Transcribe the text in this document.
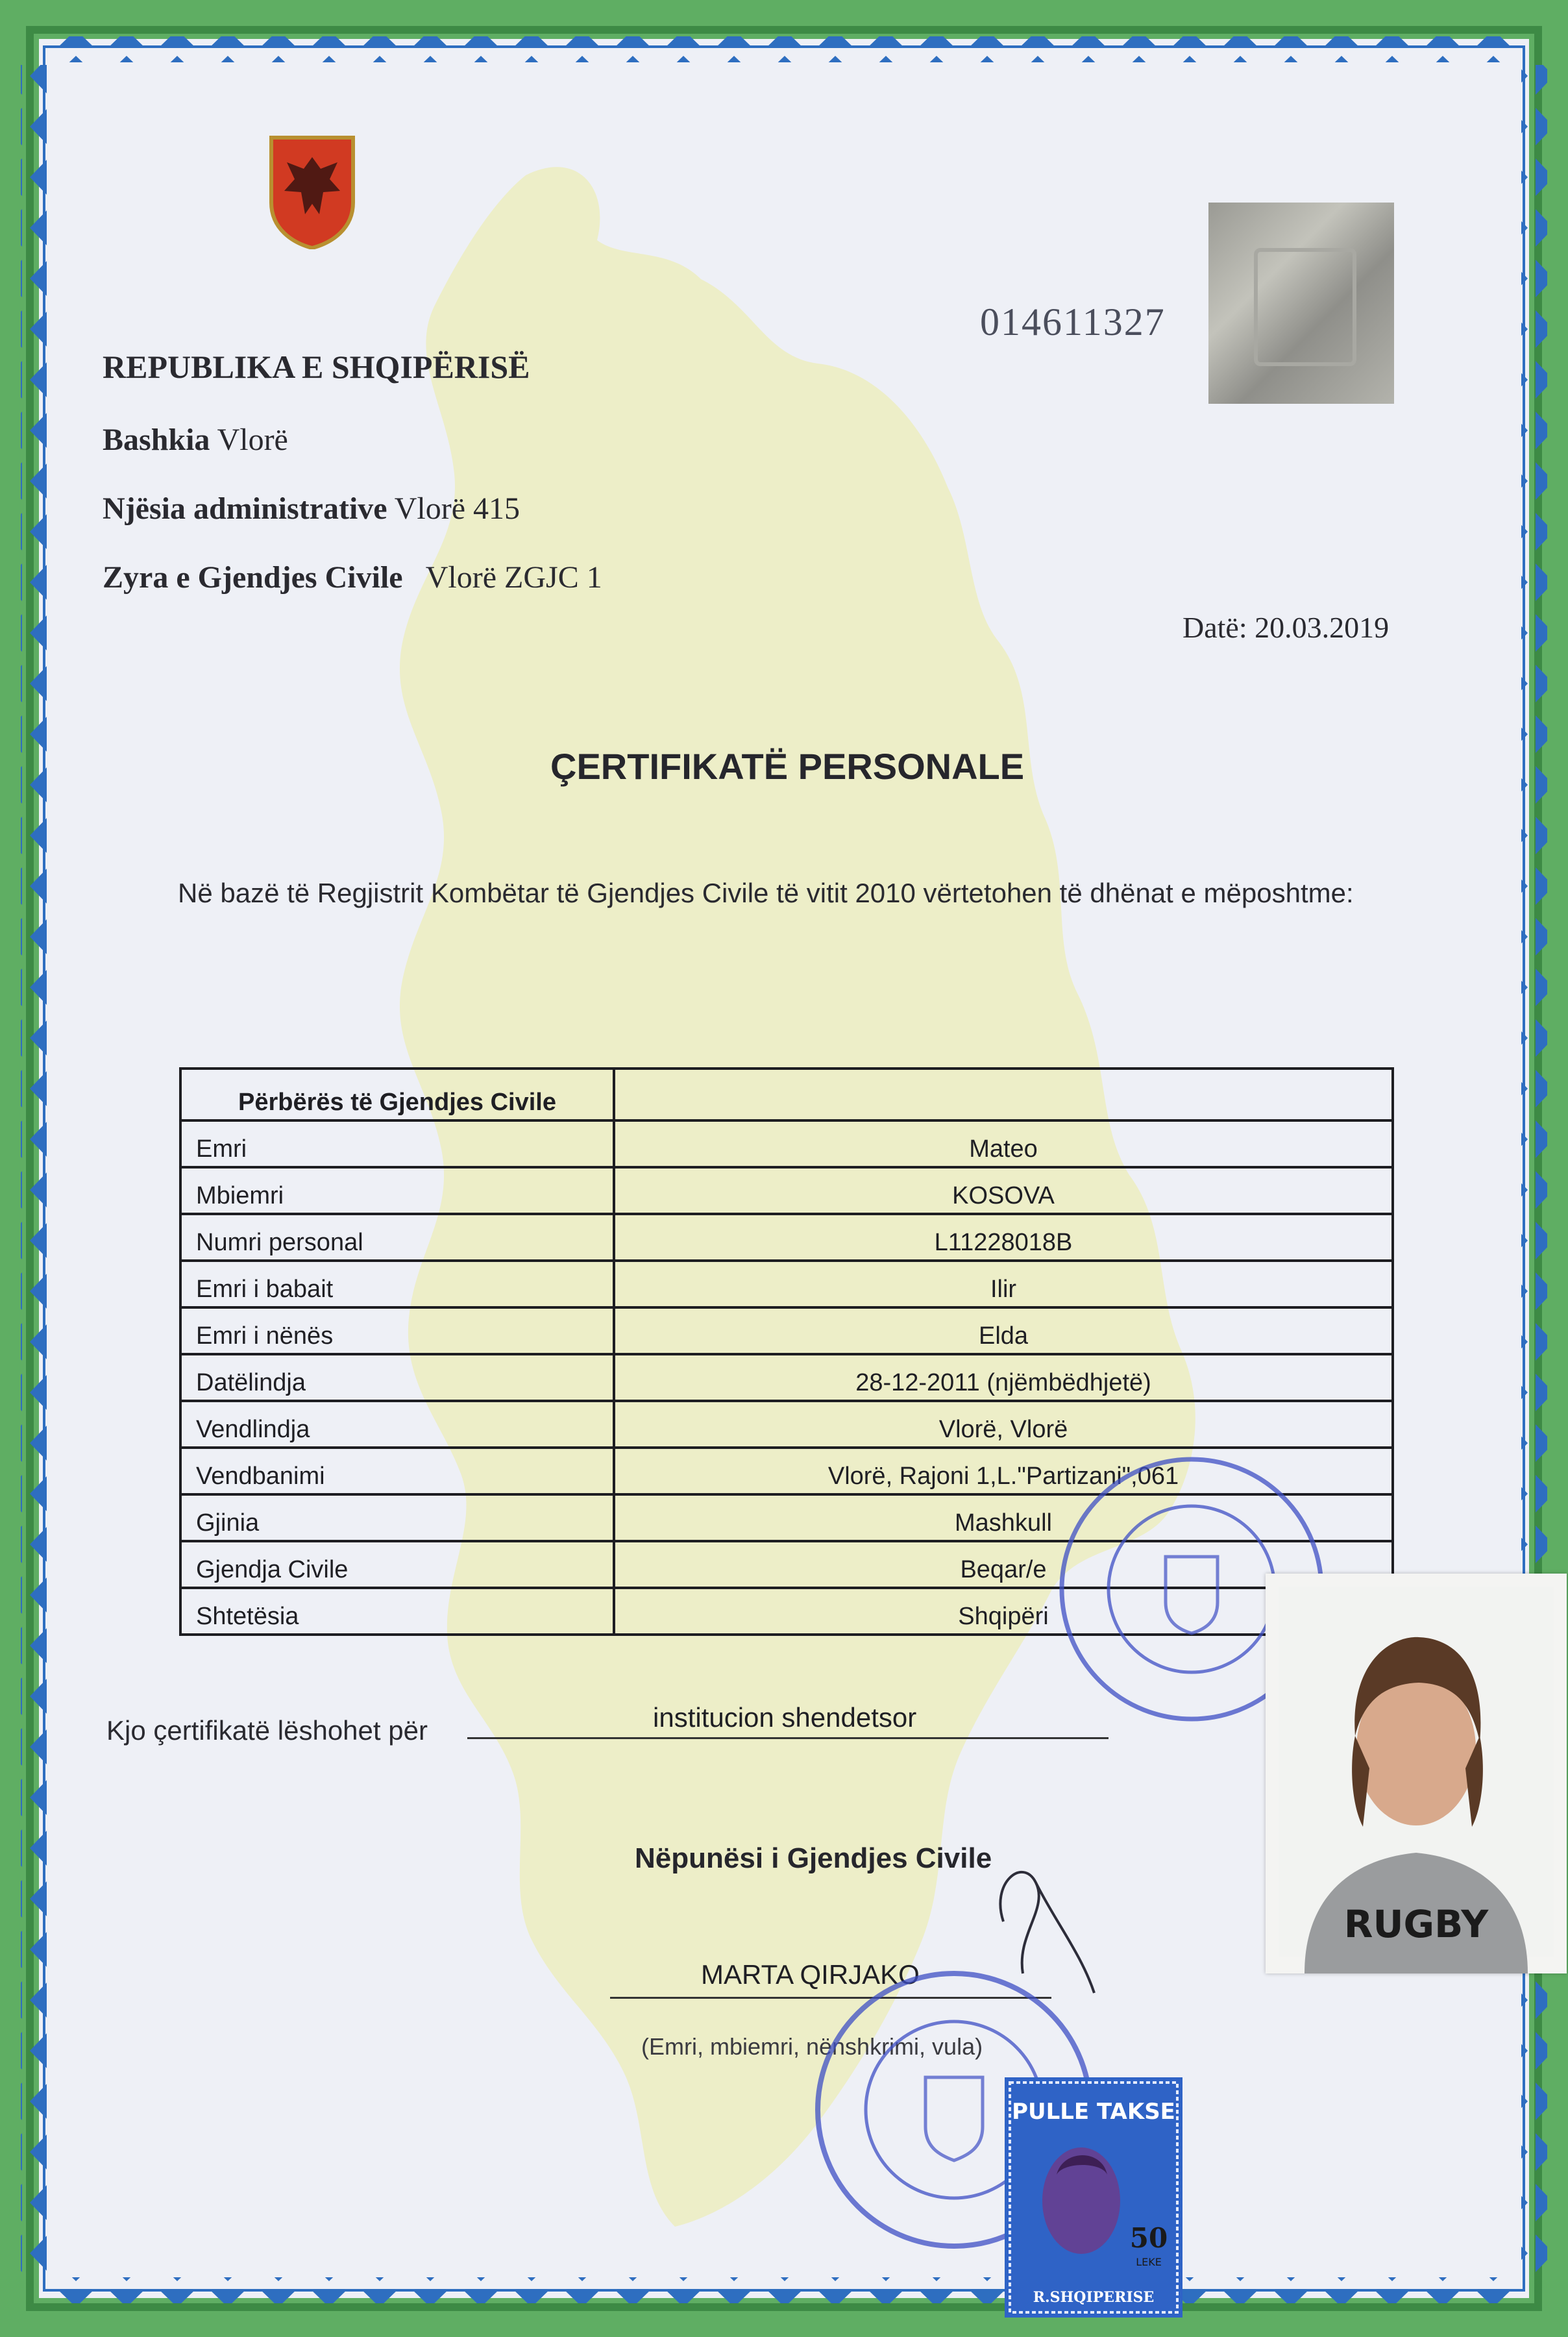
014611327
REPUBLIKA E SHQIPËRISË
Bashkia Vlorë
Njësia administrative Vlorë 415
Zyra e Gjendjes Civile Vlorë ZGJC 1
Datë: 20.03.2019
ÇERTIFIKATË PERSONALE
Në bazë të Regjistrit Kombëtar të Gjendjes Civile të vitit 2010 vërtetohen të dhënat e mëposhtme:
Përbërës të Gjendjes Civile	
Emri	Mateo
Mbiemri	KOSOVA
Numri personal	L11228018B
Emri i babait	Ilir
Emri i nënës	Elda
Datëlindja	28-12-2011 (njëmbëdhjetë)
Vendlindja	Vlorë, Vlorë
Vendbanimi	Vlorë, Rajoni 1,L."Partizani",061
Gjinia	Mashkull
Gjendja Civile	Beqar/e
Shtetësia	Shqipëri
RUGBY
Kjo çertifikatë lëshohet për	institucion shendetsor
Nëpunësi i Gjendjes Civile
MARTA QIRJAKO
(Emri, mbiemri, nënshkrimi, vula)
PULLE TAKSE
50
LEKE
R.SHQIPERISE
